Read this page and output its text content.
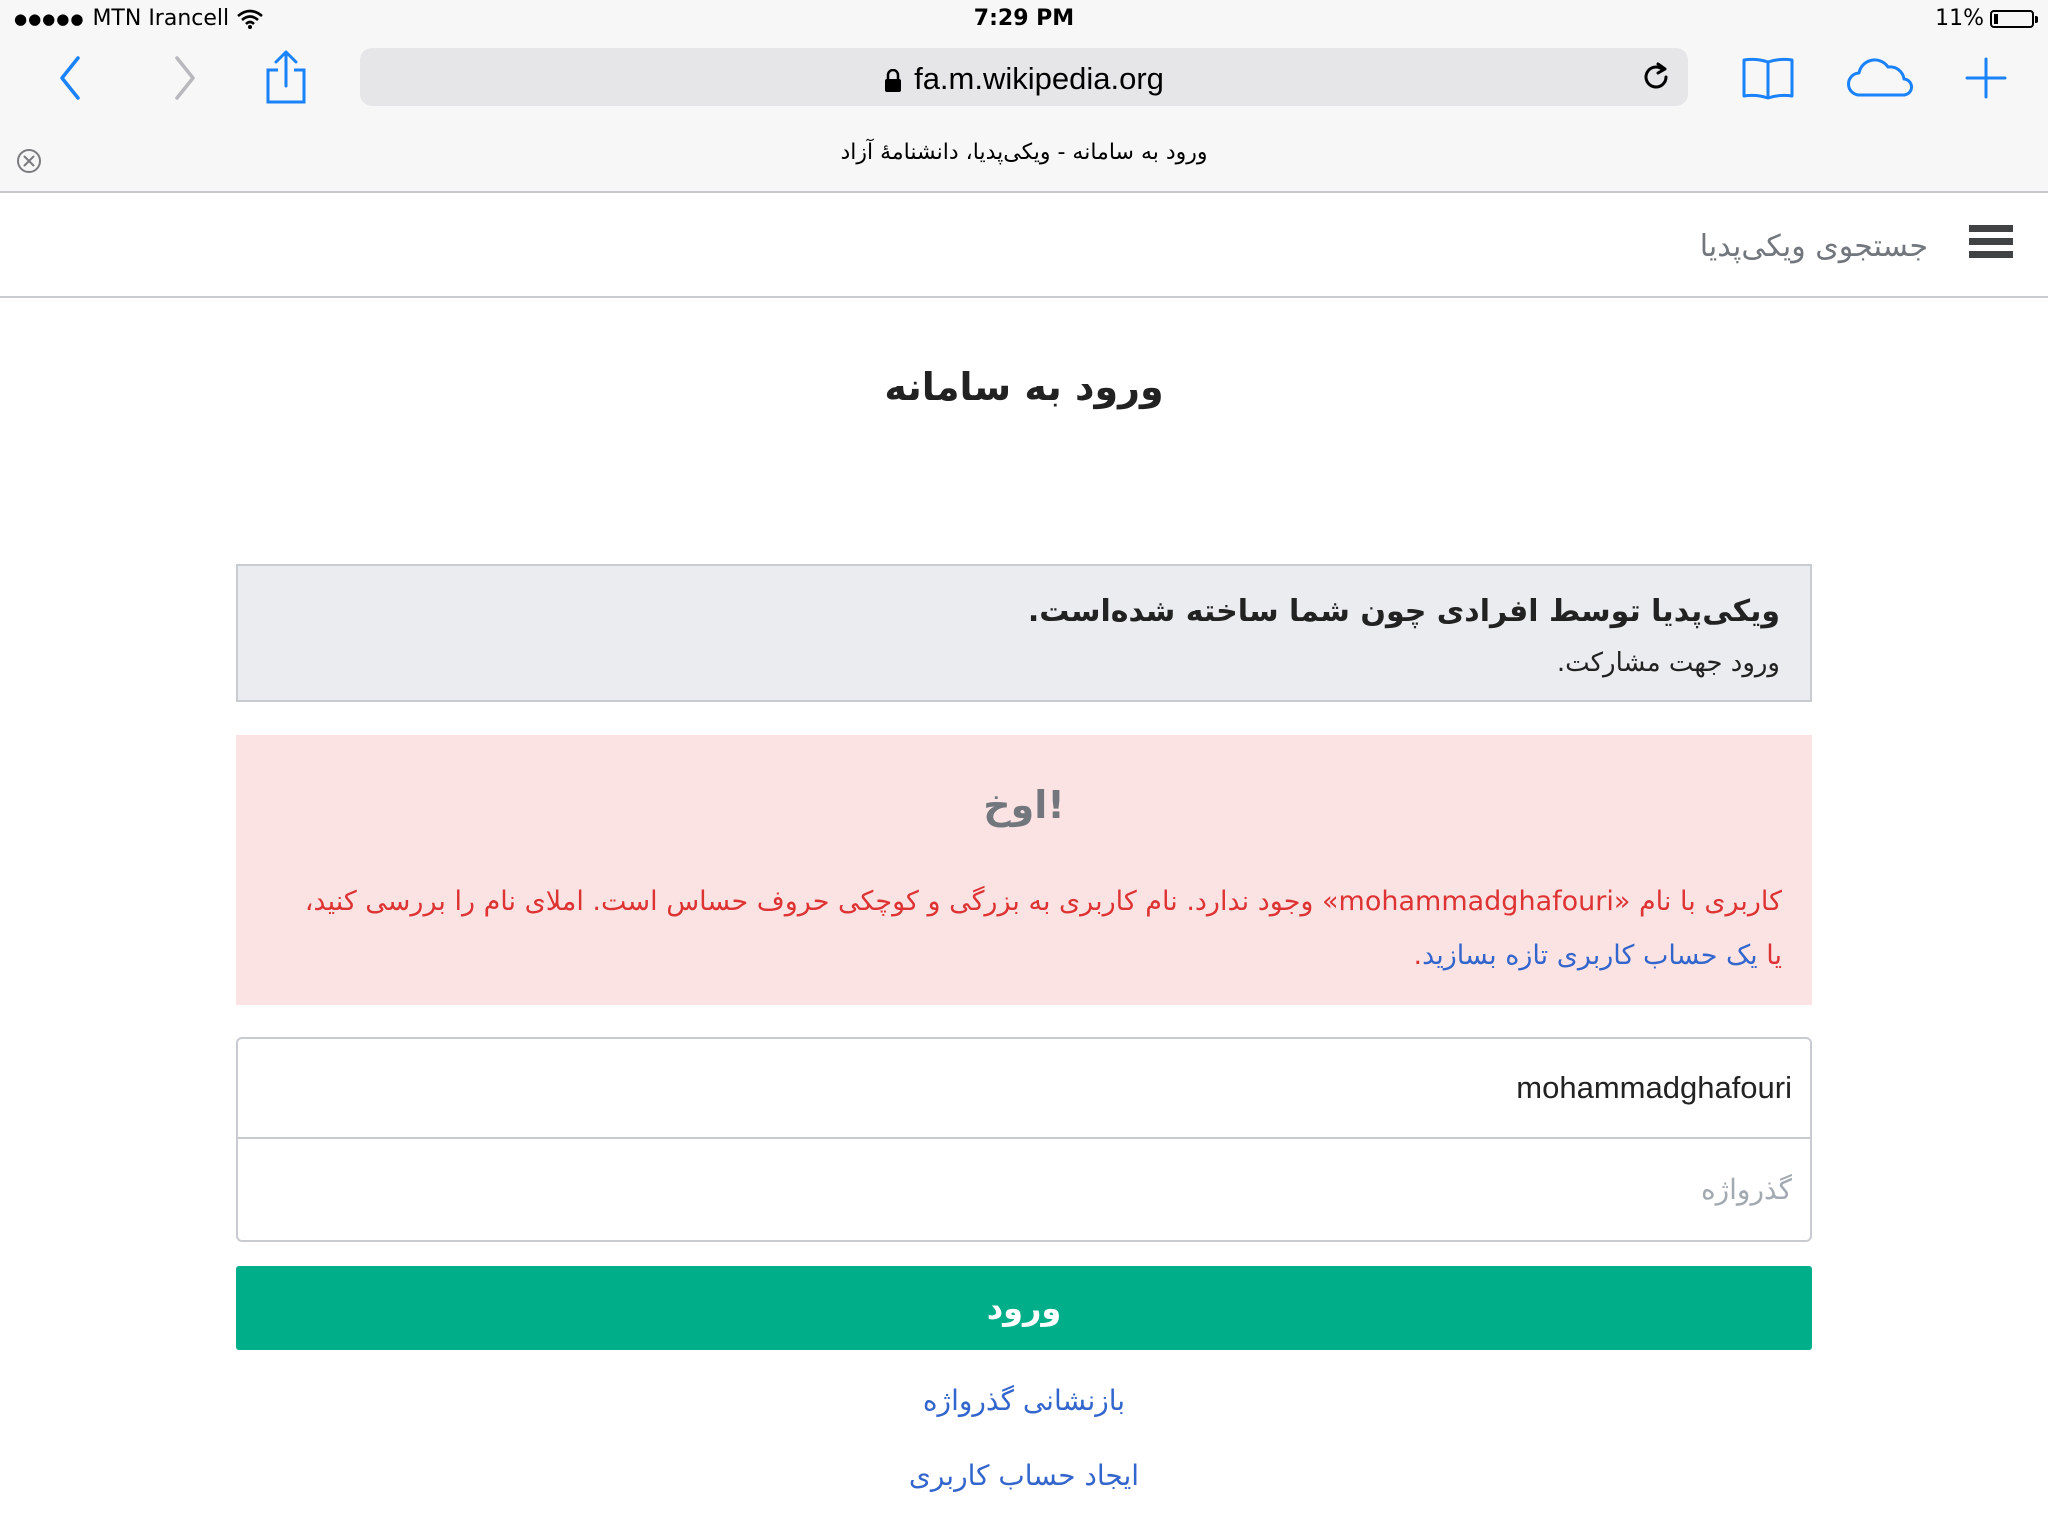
●●●●● MTN Irancell	7:29 PM	11%
fa.m.wikipedia.org
ورود به سامانه - ویکی‌پدیا، دانشنامهٔ آزاد
جستجوی ویکی‌پدیا
ورود به سامانه
ویکی‌پدیا توسط افرادی چون شما ساخته شده‌است.
ورود جهت مشارکت.
اوخ!
کاربری با نام «mohammadghafouri» وجود ندارد. نام کاربری به بزرگی و کوچکی حروف حساس است. املای نام را بررسی کنید،
یا یک حساب کاربری تازه بسازید.
mohammadghafouri
ورود
بازنشانی گذرواژه
ایجاد حساب کاربری
